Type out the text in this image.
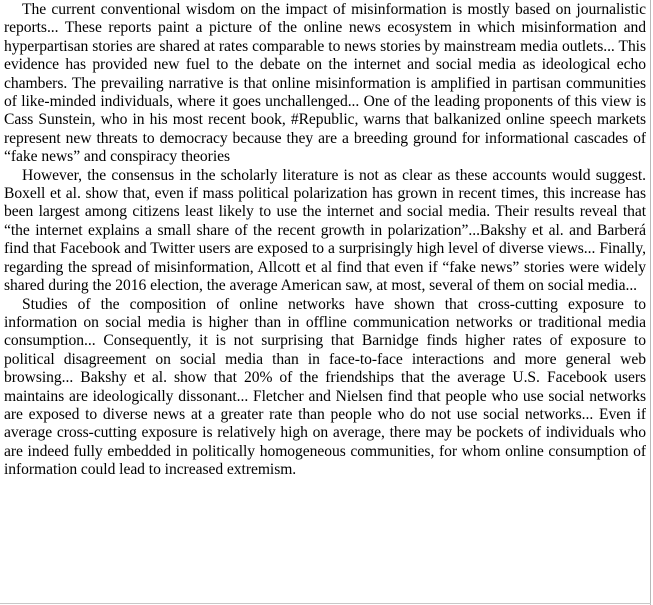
The current conventional wisdom on the impact of misinformation is mostly based on journalistic reports... These reports paint a picture of the online news ecosystem in which misinformation and hyperpartisan stories are shared at rates comparable to news stories by mainstream media outlets... This evidence has provided new fuel to the debate on the internet and social media as ideological echo chambers. The prevailing narrative is that online misinformation is amplified in partisan communities of like-minded individuals, where it goes unchallenged... One of the leading proponents of this view is Cass Sunstein, who in his most recent book, #Republic, warns that balkanized online speech markets represent new threats to democracy because they are a breeding ground for informational cascades of “fake news” and conspiracy theories

However, the consensus in the scholarly literature is not as clear as these accounts would suggest. Boxell et al. show that, even if mass political polarization has grown in recent times, this increase has been largest among citizens least likely to use the internet and social media. Their results reveal that “the internet explains a small share of the recent growth in polarization”...Bakshy et al. and Barberá find that Facebook and Twitter users are exposed to a surprisingly high level of diverse views... Finally, regarding the spread of misinformation, Allcott et al find that even if “fake news” stories were widely shared during the 2016 election, the average American saw, at most, several of them on social media...

Studies of the composition of online networks have shown that cross-cutting exposure to information on social media is higher than in offline communication networks or traditional media consumption... Consequently, it is not surprising that Barnidge finds higher rates of exposure to political disagreement on social media than in face-to-face interactions and more general web browsing... Bakshy et al. show that 20% of the friendships that the average U.S. Facebook users maintains are ideologically dissonant... Fletcher and Nielsen find that people who use social networks are exposed to diverse news at a greater rate than people who do not use social networks... Even if average cross-cutting exposure is relatively high on average, there may be pockets of individuals who are indeed fully embedded in politically homogeneous communities, for whom online consumption of information could lead to increased extremism.
